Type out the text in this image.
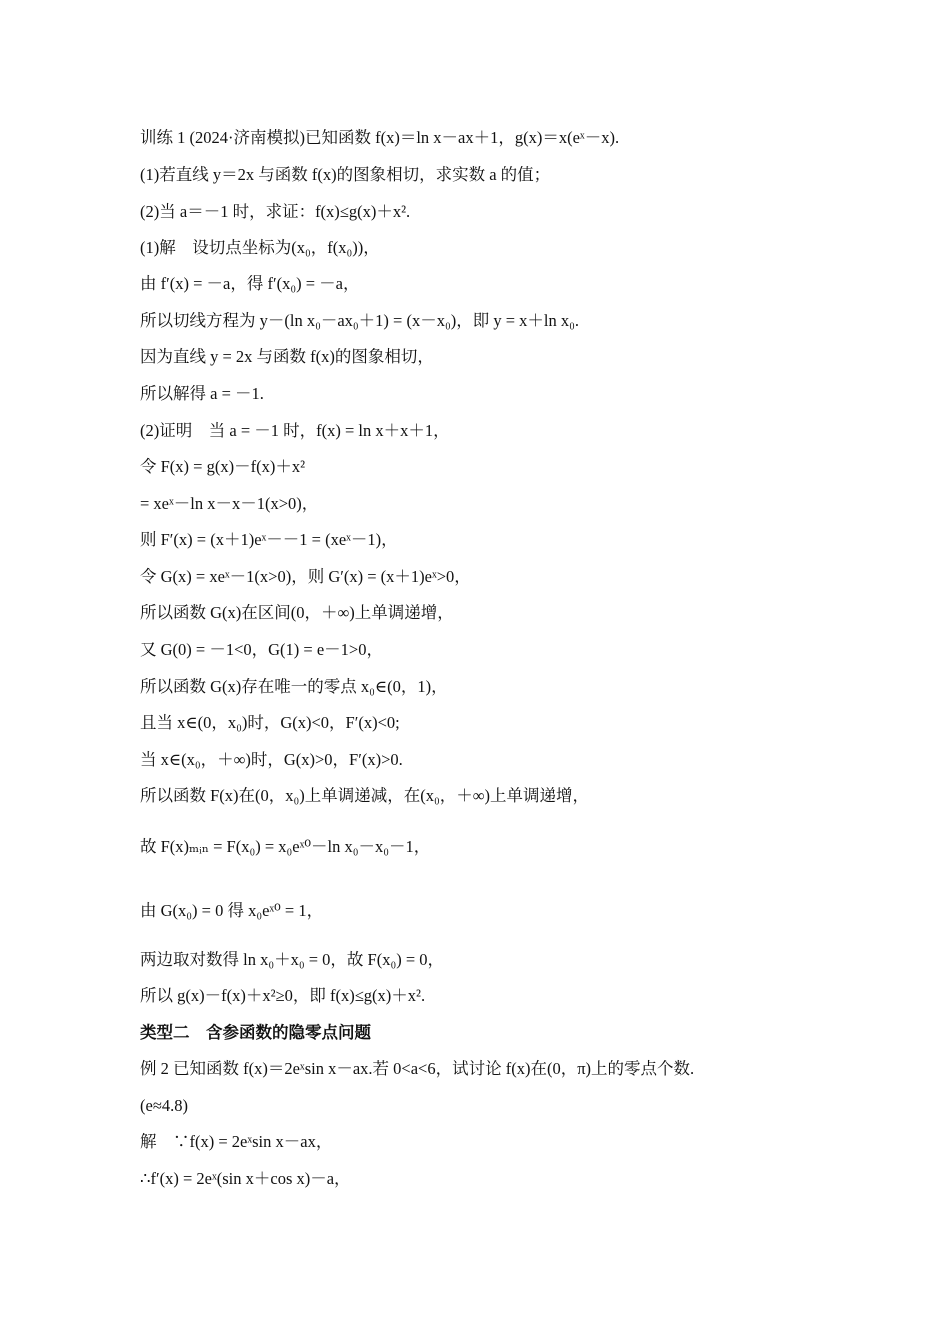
训练 1 (2024·济南模拟)已知函数 f(x)＝ln x－ax＋1，g(x)＝x(eˣ－x).
(1)若直线 y＝2x 与函数 f(x)的图象相切，求实数 a 的值；
(2)当 a＝－1 时，求证：f(x)≤g(x)＋x².
(1)解　设切点坐标为(x₀，f(x₀))，
由 f′(x) = －a，得 f′(x₀) = －a，
所以切线方程为 y－(ln x₀－ax₀＋1) = (x－x₀)，即 y = x＋ln x₀.
因为直线 y = 2x 与函数 f(x)的图象相切，
所以解得 a = －1.
(2)证明　当 a = －1 时，f(x) = ln x＋x＋1，
令 F(x) = g(x)－f(x)＋x²
= xeˣ－ln x－x－1(x>0)，
则 F′(x) = (x＋1)eˣ－－1 = (xeˣ－1)，
令 G(x) = xeˣ－1(x>0)，则 G′(x) = (x＋1)eˣ>0，
所以函数 G(x)在区间(0，＋∞)上单调递增，
又 G(0) = －1<0，G(1) = e－1>0，
所以函数 G(x)存在唯一的零点 x₀∈(0，1)，
且当 x∈(0，x₀)时，G(x)<0，F′(x)<0;
当 x∈(x₀，＋∞)时，G(x)>0，F′(x)>0.
所以函数 F(x)在(0，x₀)上单调递减，在(x₀，＋∞)上单调递增，
故 F(x)ₘᵢₙ = F(x₀) = x₀eˣ⁰－ln x₀－x₀－1，
由 G(x₀) = 0 得 x₀eˣ⁰ = 1，
两边取对数得 ln x₀＋x₀ = 0，故 F(x₀) = 0，
所以 g(x)－f(x)＋x²≥0，即 f(x)≤g(x)＋x².
类型二　含参函数的隐零点问题
例 2 已知函数 f(x)＝2eˣsin x－ax.若 0<a<6，试讨论 f(x)在(0，π)上的零点个数.
(e≈4.8)
解　∵f(x) = 2eˣsin x－ax，
∴f′(x) = 2eˣ(sin x＋cos x)－a，
